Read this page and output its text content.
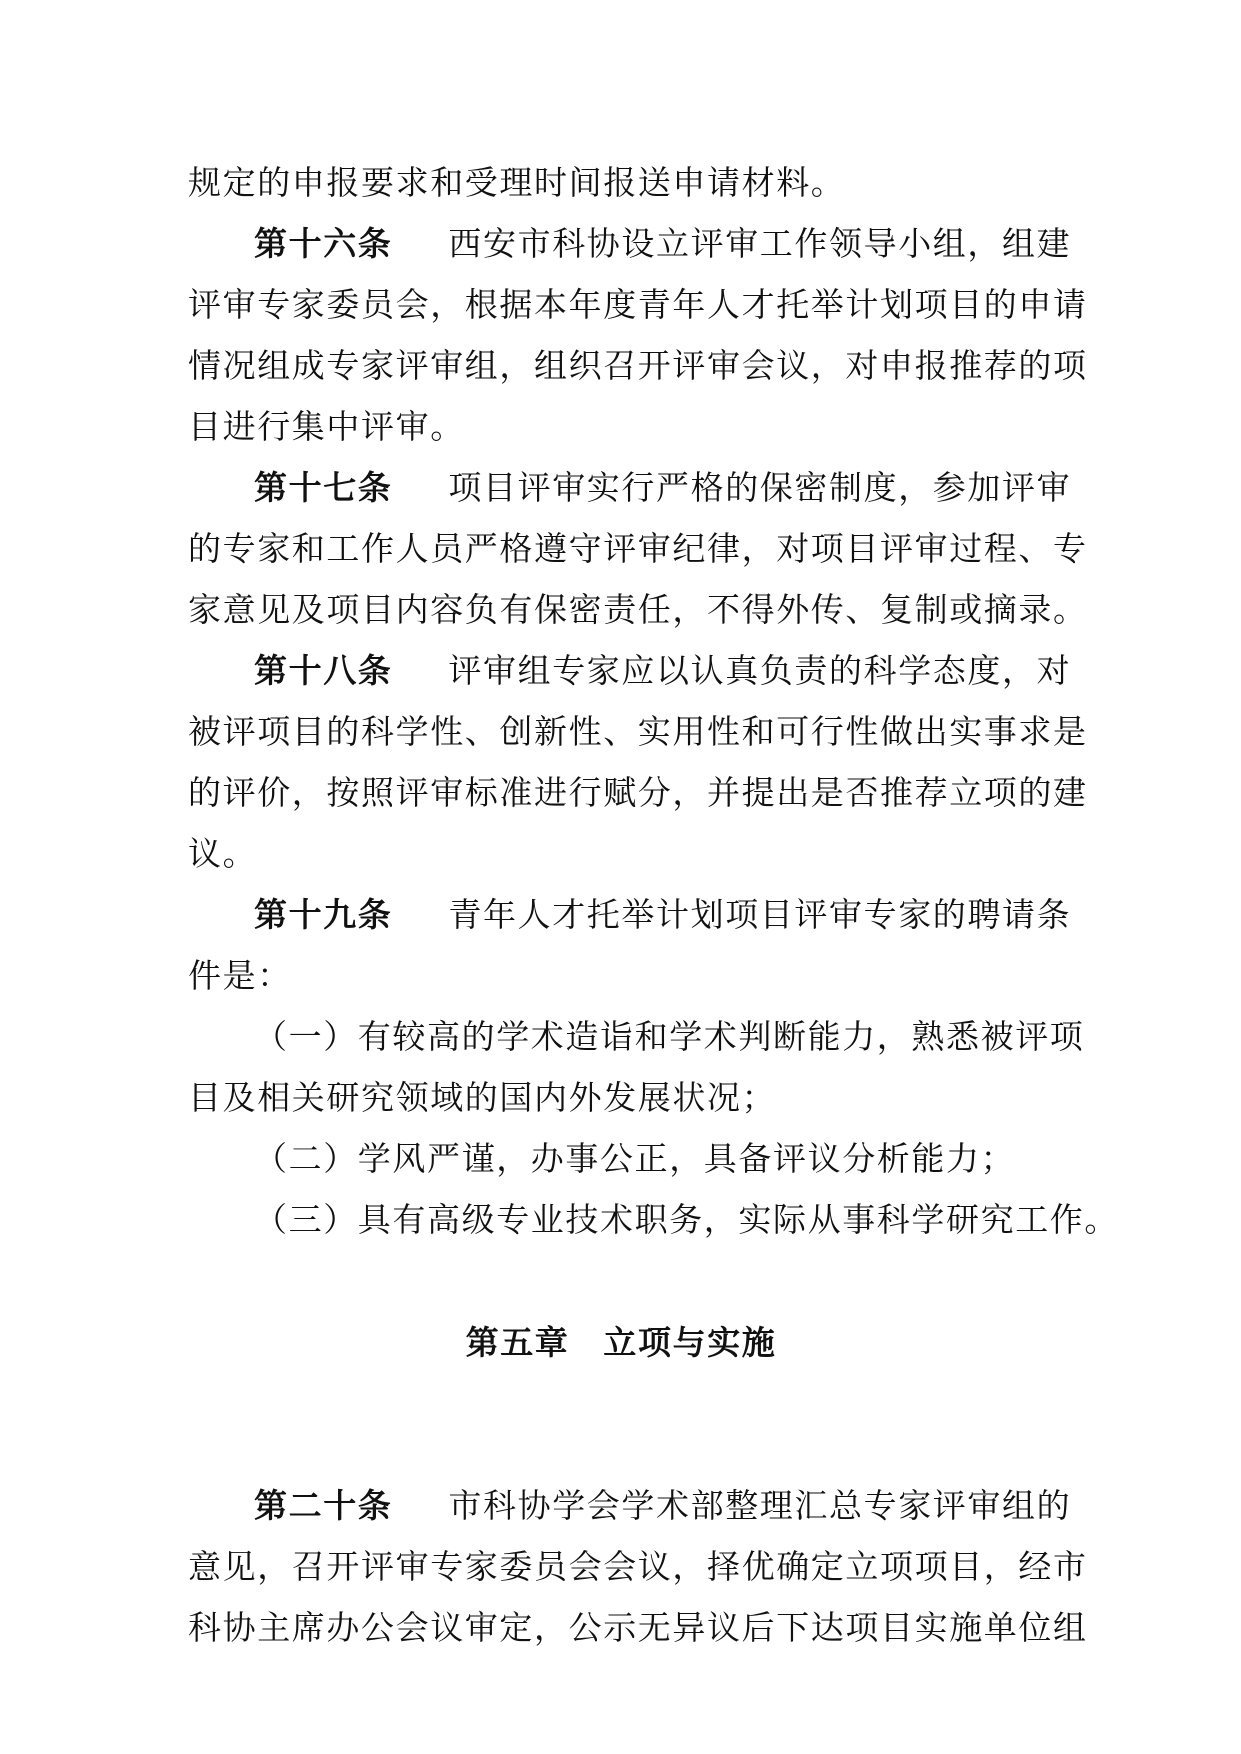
规定的申报要求和受理时间报送申请材料。
第十六条 西安市科协设立评审工作领导小组，组建
评审专家委员会，根据本年度青年人才托举计划项目的申请
情况组成专家评审组，组织召开评审会议，对申报推荐的项
目进行集中评审。
第十七条 项目评审实行严格的保密制度，参加评审
的专家和工作人员严格遵守评审纪律，对项目评审过程、专
家意见及项目内容负有保密责任，不得外传、复制或摘录。
第十八条 评审组专家应以认真负责的科学态度，对
被评项目的科学性、创新性、实用性和可行性做出实事求是
的评价，按照评审标准进行赋分，并提出是否推荐立项的建
议。
第十九条 青年人才托举计划项目评审专家的聘请条
件是：
（一）有较高的学术造诣和学术判断能力，熟悉被评项
目及相关研究领域的国内外发展状况；
（二）学风严谨，办事公正，具备评议分析能力；
（三）具有高级专业技术职务，实际从事科学研究工作。
第五章 立项与实施
第二十条 市科协学会学术部整理汇总专家评审组的
意见，召开评审专家委员会会议，择优确定立项项目，经市
科协主席办公会议审定，公示无异议后下达项目实施单位组
